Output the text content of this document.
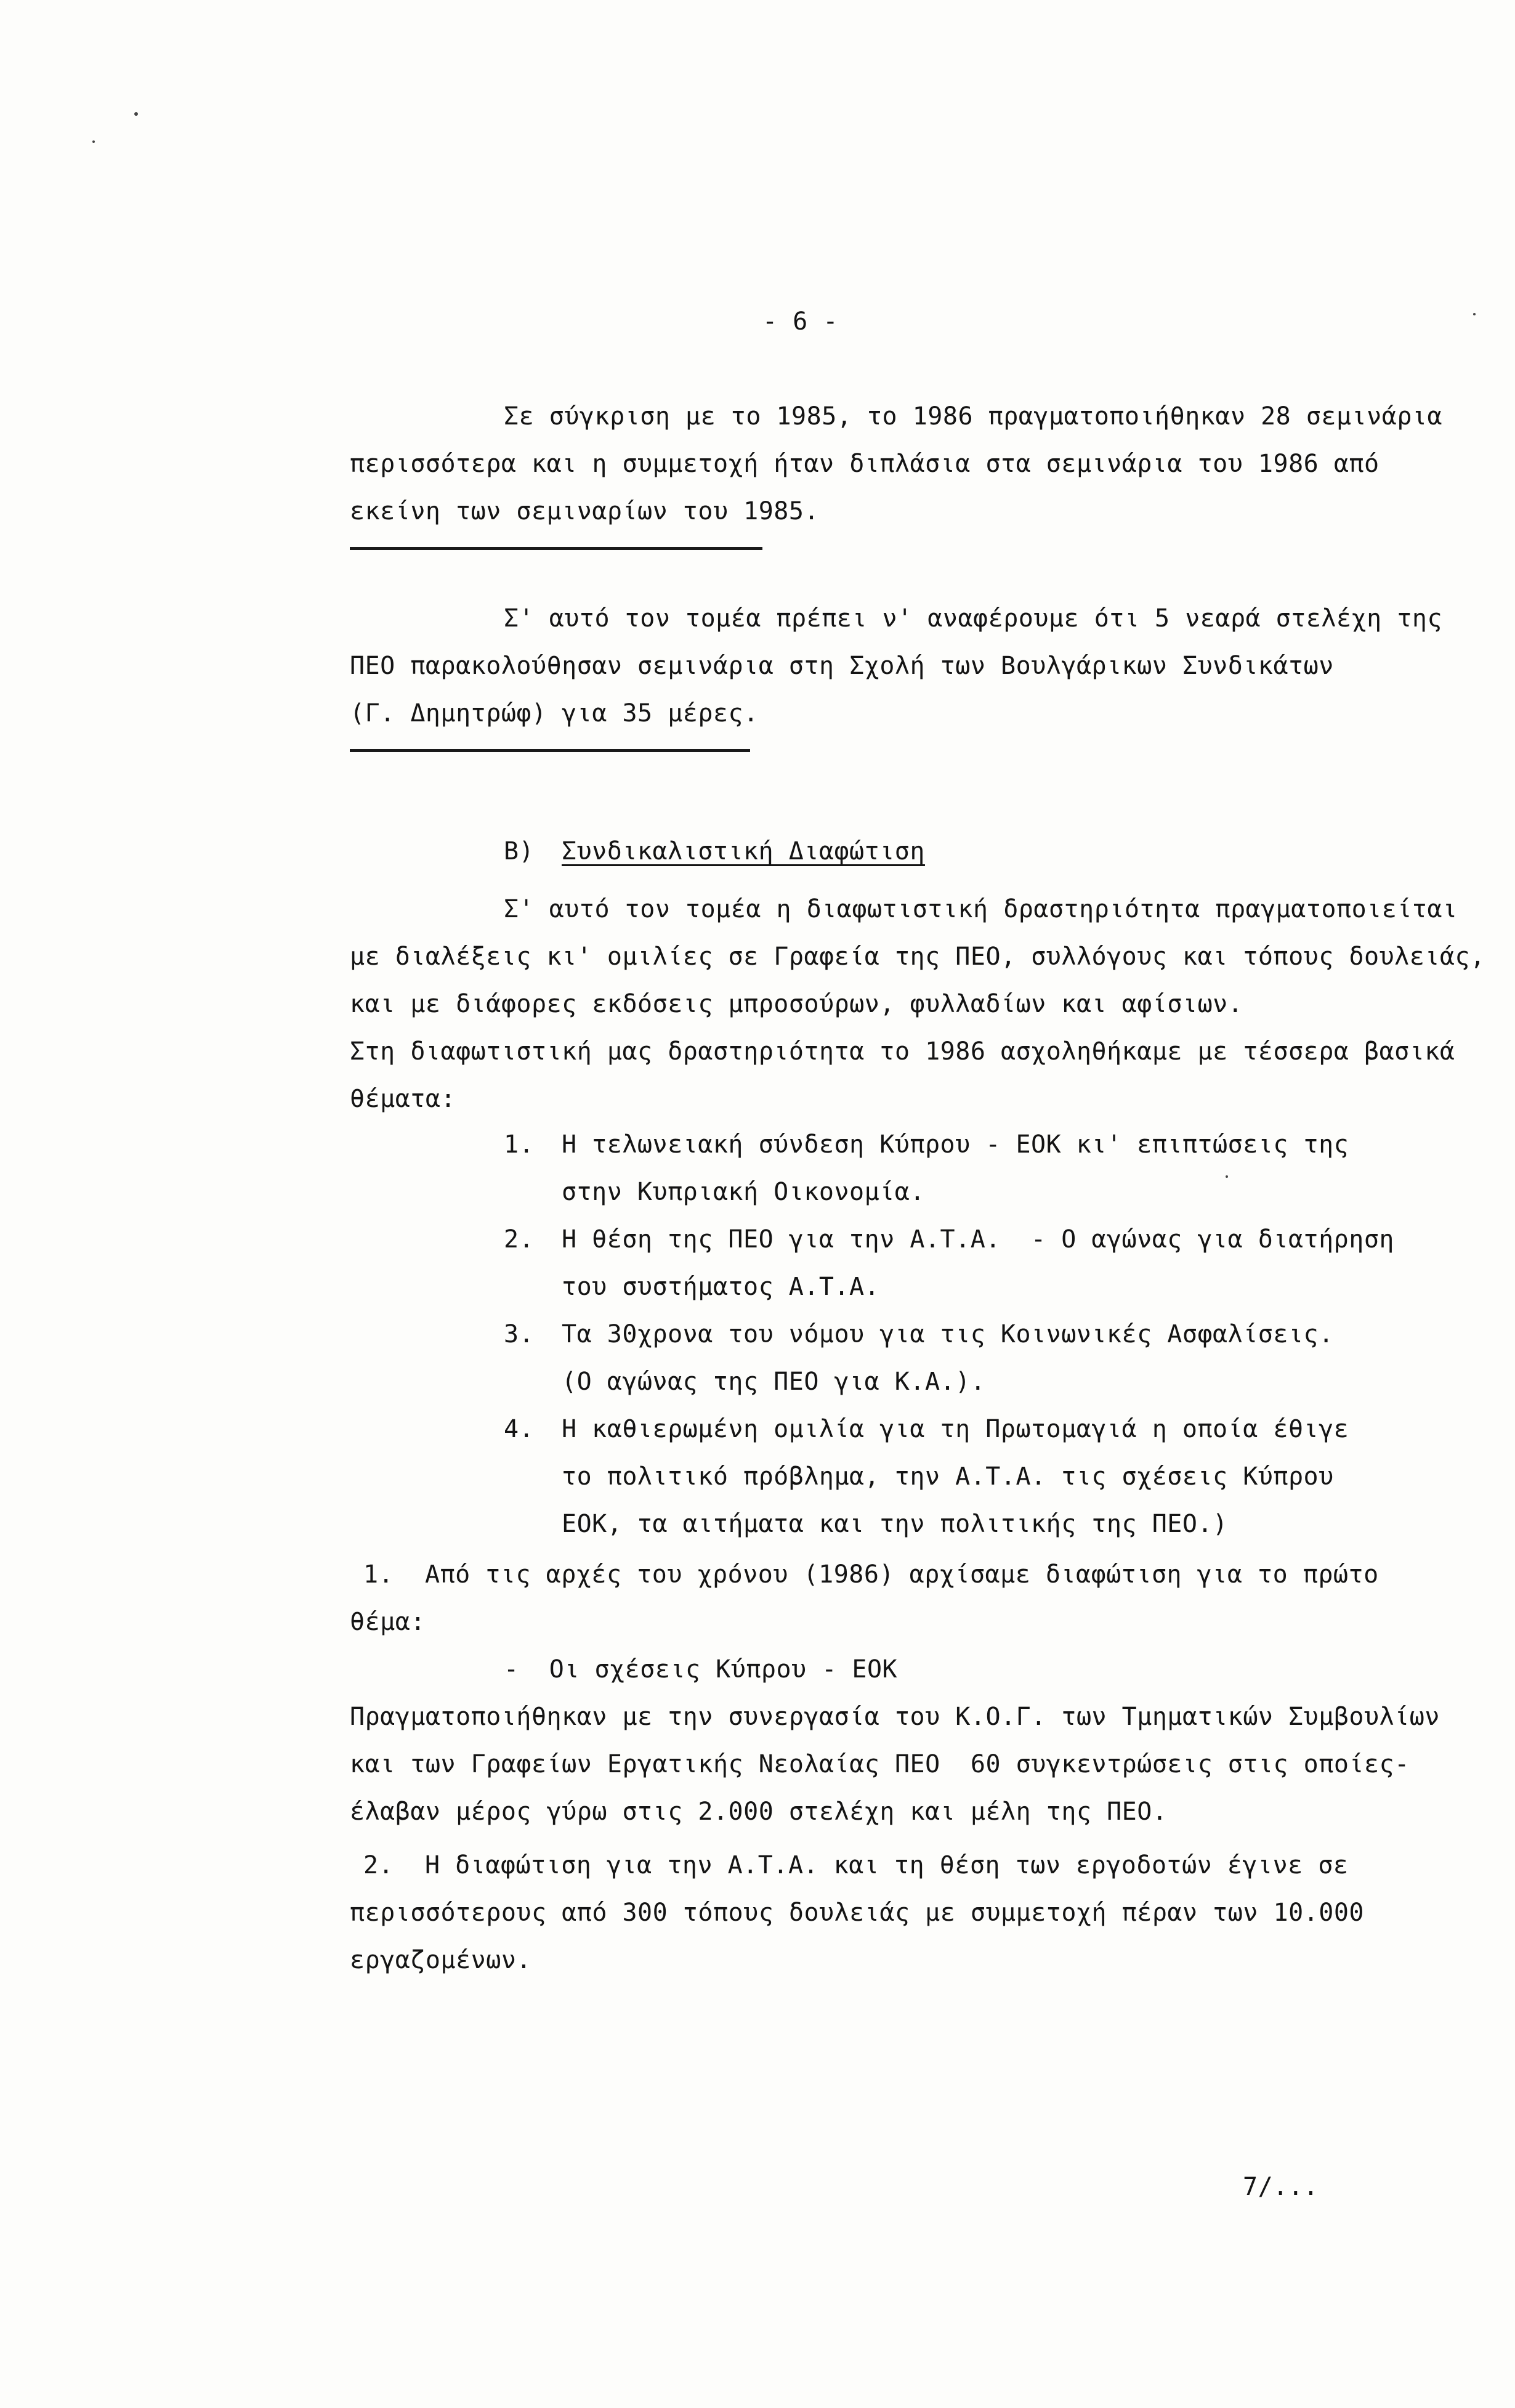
- 6 -
Σε σύγκριση με το 1985, το 1986 πραγματοποιήθηκαν 28 σεμινάρια
περισσότερα και η συμμετοχή ήταν διπλάσια στα σεμινάρια του 1986 από
εκείνη των σεμιναρίων του 1985.
Σ' αυτό τον τομέα πρέπει ν' αναφέρουμε ότι 5 νεαρά στελέχη της
ΠΕΟ παρακολούθησαν σεμινάρια στη Σχολή των Βουλγάρικων Συνδικάτων
(Γ. Δημητρώφ) για 35 μέρες.
Β) Συνδικαλιστική Διαφώτιση
Σ' αυτό τον τομέα η διαφωτιστική δραστηριότητα πραγματοποιείται
με διαλέξεις κι' ομιλίες σε Γραφεία της ΠΕΟ, συλλόγους και τόπους δουλειάς,
και με διάφορες εκδόσεις μπροσούρων, φυλλαδίων και αφίσιων.
Στη διαφωτιστική μας δραστηριότητα το 1986 ασχοληθήκαμε με τέσσερα βασικά
θέματα:
1. Η τελωνειακή σύνδεση Κύπρου - ΕΟΚ κι' επιπτώσεις της
στην Κυπριακή Οικονομία.
2. Η θέση της ΠΕΟ για την Α.Τ.Α.  - Ο αγώνας για διατήρηση
του συστήματος Α.Τ.Α.
3. Τα 30χρονα του νόμου για τις Κοινωνικές Ασφαλίσεις.
(Ο αγώνας της ΠΕΟ για Κ.Α.).
4. Η καθιερωμένη ομιλία για τη Πρωτομαγιά η οποία έθιγε
το πολιτικό πρόβλημα, την Α.Τ.Α. τις σχέσεις Κύπρου
ΕΟΚ, τα αιτήματα και την πολιτικής της ΠΕΟ.)
1. Από τις αρχές του χρόνου (1986) αρχίσαμε διαφώτιση για το πρώτο
θέμα:
-  Οι σχέσεις Κύπρου - ΕΟΚ
Πραγματοποιήθηκαν με την συνεργασία του Κ.Ο.Γ. των Τμηματικών Συμβουλίων
και των Γραφείων Εργατικής Νεολαίας ΠΕΟ  60 συγκεντρώσεις στις οποίες-
έλαβαν μέρος γύρω στις 2.000 στελέχη και μέλη της ΠΕΟ.
2. Η διαφώτιση για την Α.Τ.Α. και τη θέση των εργοδοτών έγινε σε
περισσότερους από 300 τόπους δουλειάς με συμμετοχή πέραν των 10.000
εργαζομένων.
7/...
